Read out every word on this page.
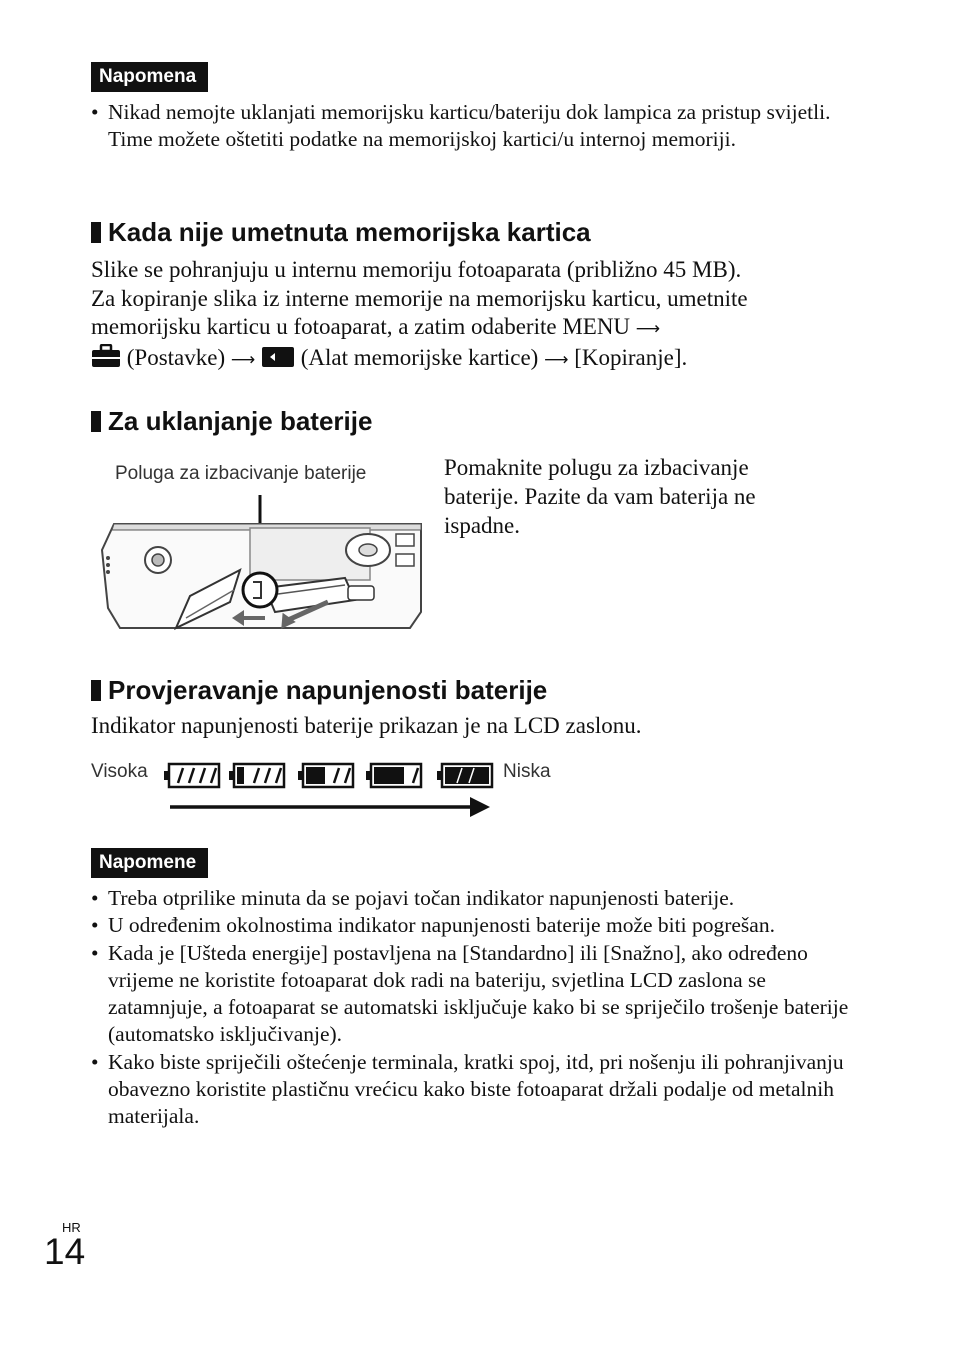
Napomena
• Nikad nemojte uklanjati memorijsku karticu/bateriju dok lampica za pristup svijetli. Time možete oštetiti podatke na memorijskoj kartici/u internoj memoriji.
Kada nije umetnuta memorijska kartica
Slike se pohranjuju u internu memoriju fotoaparata (približno 45 MB).
Za kopiranje slika iz interne memorije na memorijsku karticu, umetnite
memorijsku karticu u fotoaparat, a zatim odaberite MENU ⟶
(Postavke) ⟶ (Alat memorijske kartice) ⟶ [Kopiranje].
Za uklanjanje baterije
Poluga za izbacivanje baterije	Pomaknite polugu za izbacivanje
baterije. Pazite da vam baterija ne
ispadne.
Provjeravanje napunjenosti baterije
Indikator napunjenosti baterije prikazan je na LCD zaslonu.
Visoka	Niska
Napomene
• Treba otprilike minuta da se pojavi točan indikator napunjenosti baterije.
• U određenim okolnostima indikator napunjenosti baterije može biti pogrešan.
• Kada je [Ušteda energije] postavljena na [Standardno] ili [Snažno], ako određeno vrijeme ne koristite fotoaparat dok radi na bateriju, svjetlina LCD zaslona se zatamnjuje, a fotoaparat se automatski isključuje kako bi se spriječilo trošenje baterije (automatsko isključivanje).
• Kako biste spriječili oštećenje terminala, kratki spoj, itd, pri nošenju ili pohranjivanju obavezno koristite plastičnu vrećicu kako biste fotoaparat držali podalje od metalnih materijala.
HR
14
